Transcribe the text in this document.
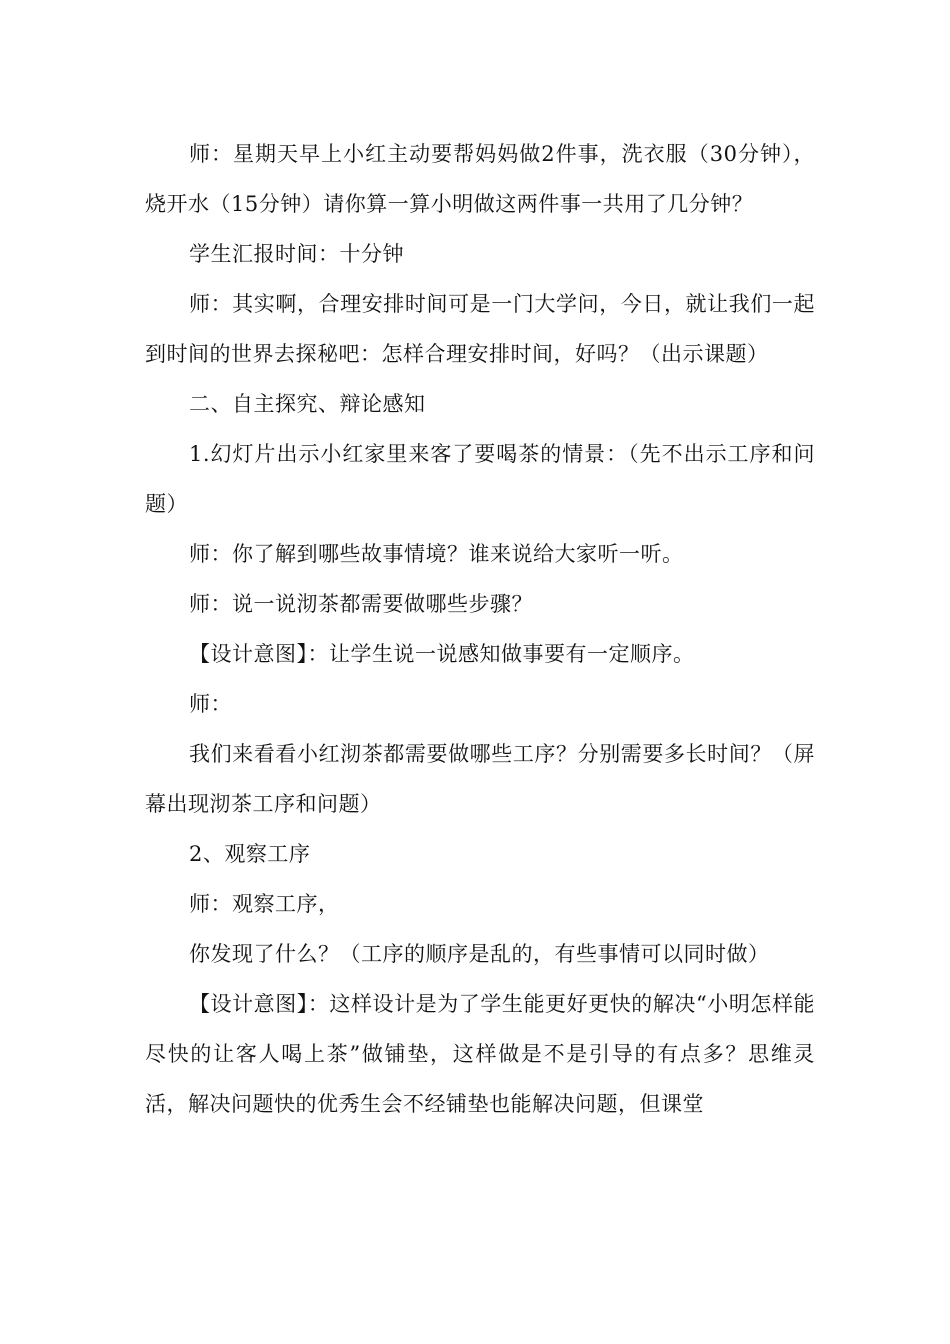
师：星期天早上小红主动要帮妈妈做2件事，洗衣服（30分钟），烧开水（15分钟）请你算一算小明做这两件事一共用了几分钟？

学生汇报时间：十分钟

师：其实啊，合理安排时间可是一门大学问，今日，就让我们一起到时间的世界去探秘吧：怎样合理安排时间，好吗？（出示课题）

二、自主探究、辩论感知

1.幻灯片出示小红家里来客了要喝茶的情景：（先不出示工序和问题）

师：你了解到哪些故事情境？谁来说给大家听一听。

师：说一说沏茶都需要做哪些步骤？

【设计意图】：让学生说一说感知做事要有一定顺序。

师：

我们来看看小红沏茶都需要做哪些工序？分别需要多长时间？（屏幕出现沏茶工序和问题）

2、观察工序

师：观察工序，

你发现了什么？（工序的顺序是乱的，有些事情可以同时做）

【设计意图】：这样设计是为了学生能更好更快的解决“小明怎样能尽快的让客人喝上茶”做铺垫，这样做是不是引导的有点多？思维灵活，解决问题快的优秀生会不经铺垫也能解决问题，但课堂
